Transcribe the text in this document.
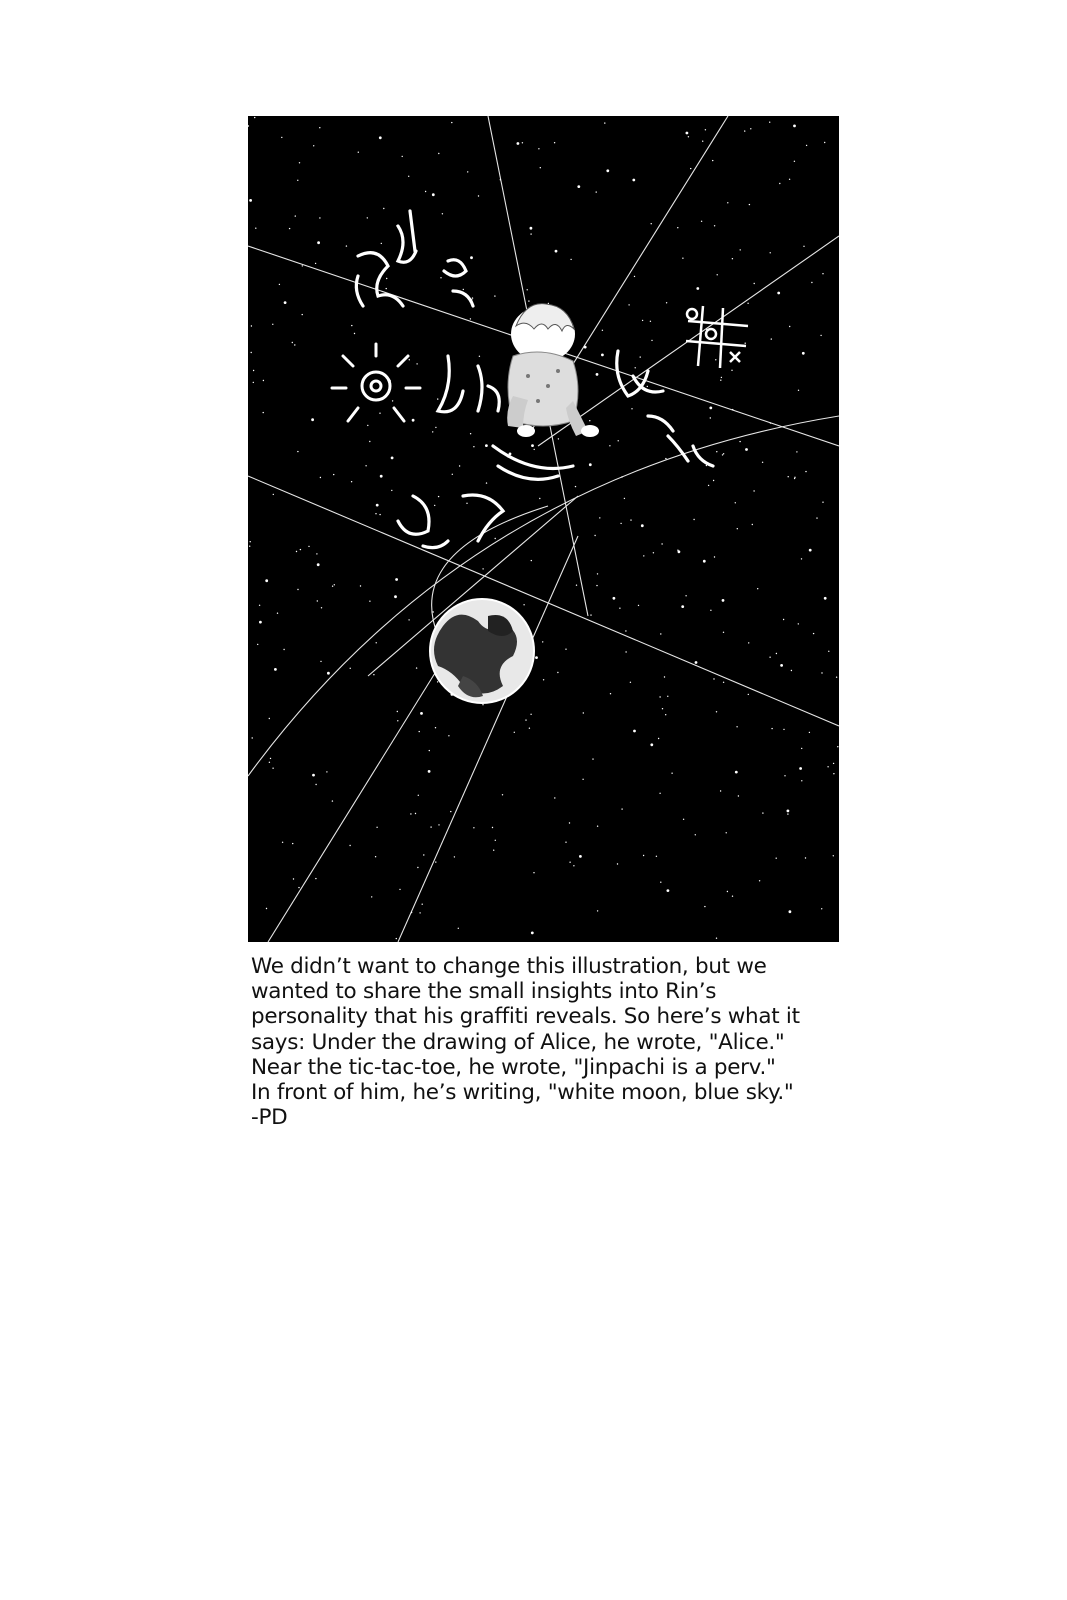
We didn’t want to change this illustration, but we
wanted to share the small insights into Rin’s
personality that his graffiti reveals. So here’s what it
says: Under the drawing of Alice, he wrote, "Alice."
Near the tic-tac-toe, he wrote, "Jinpachi is a perv."
In front of him, he’s writing, "white moon, blue sky."
-PD
